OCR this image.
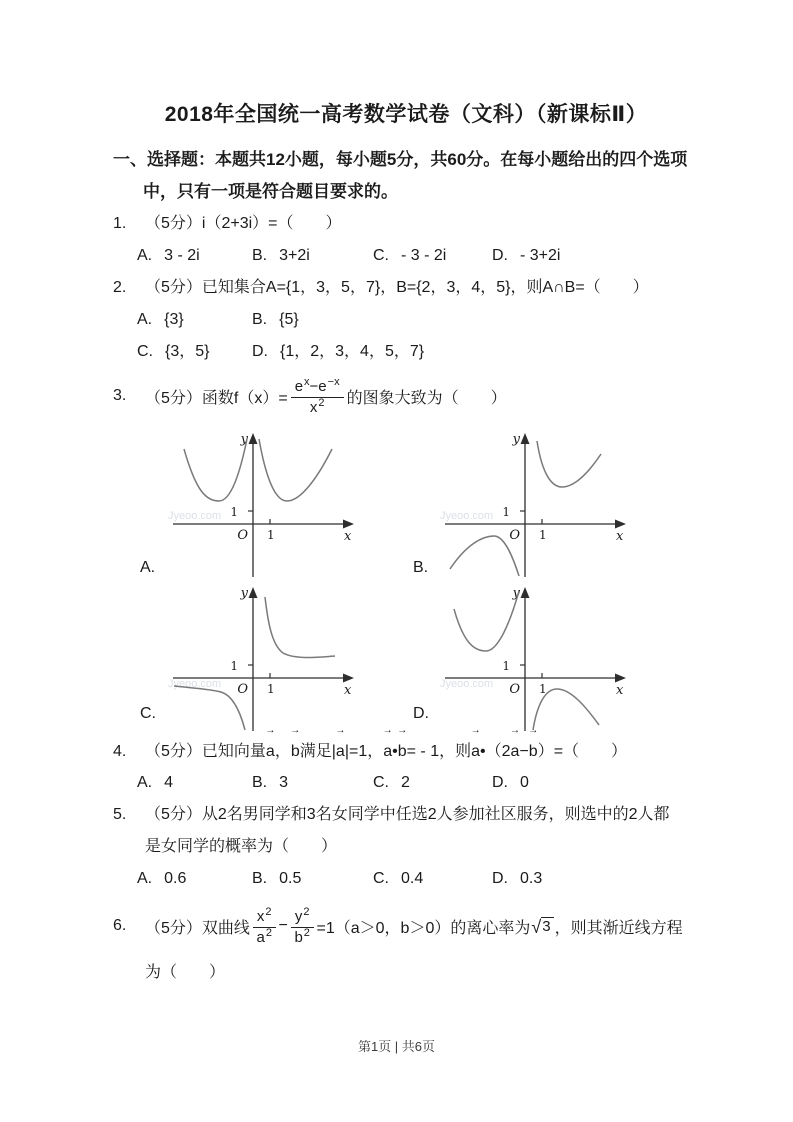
2018年全国统一高考数学试卷（文科）（新课标Ⅱ）
一、选择题：本题共12小题，每小题5分，共60分。在每小题给出的四个选项
中，只有一项是符合题目要求的。
1.	（5分）i（2+3i）=（　　）
A. 3 - 2i	B. 3+2i	C. - 3 - 2i	D. - 3+2i
2.	（5分）已知集合A={1，3，5，7}，B={2，3，4，5}，则A∩B=（　　）
A. {3}	B. {5}
C. {3，5}	D. {1，2，3，4，5，7}
3.	（5分）函数$f(x)= \frac{e^x-e^{-x}}{x^2}$ 的图象大致为（　　）
A.
Jyeoo.com 1
1
O
y
x
B.
Jyeoo.com 1
1
O
y
x
C.
Jyeoo.com
1
1
O
y
x
D.
Jyeoo.com
1
1
O
y
x
4.	（5分）已知向量a →，b →满足|a →|=1，a →•b →= - 1，则a →•（2a →−b →）=（　　）
A. 4	B. 3	C. 2	D. 0
5.	（5分）从2名男同学和3名女同学中任选2人参加社区服务，则选中的2人都
是女同学的概率为（　　）
A. 0.6	B. 0.5	C. 0.4	D. 0.3
6.	（5分）双曲线 $\frac{x^2}{a^2} - \frac{y^2}{b^2} =1(a>0$，b＞0）的离心率为 √ 3 ，则其渐近线方程
为（　　）
第1页 | 共6页
